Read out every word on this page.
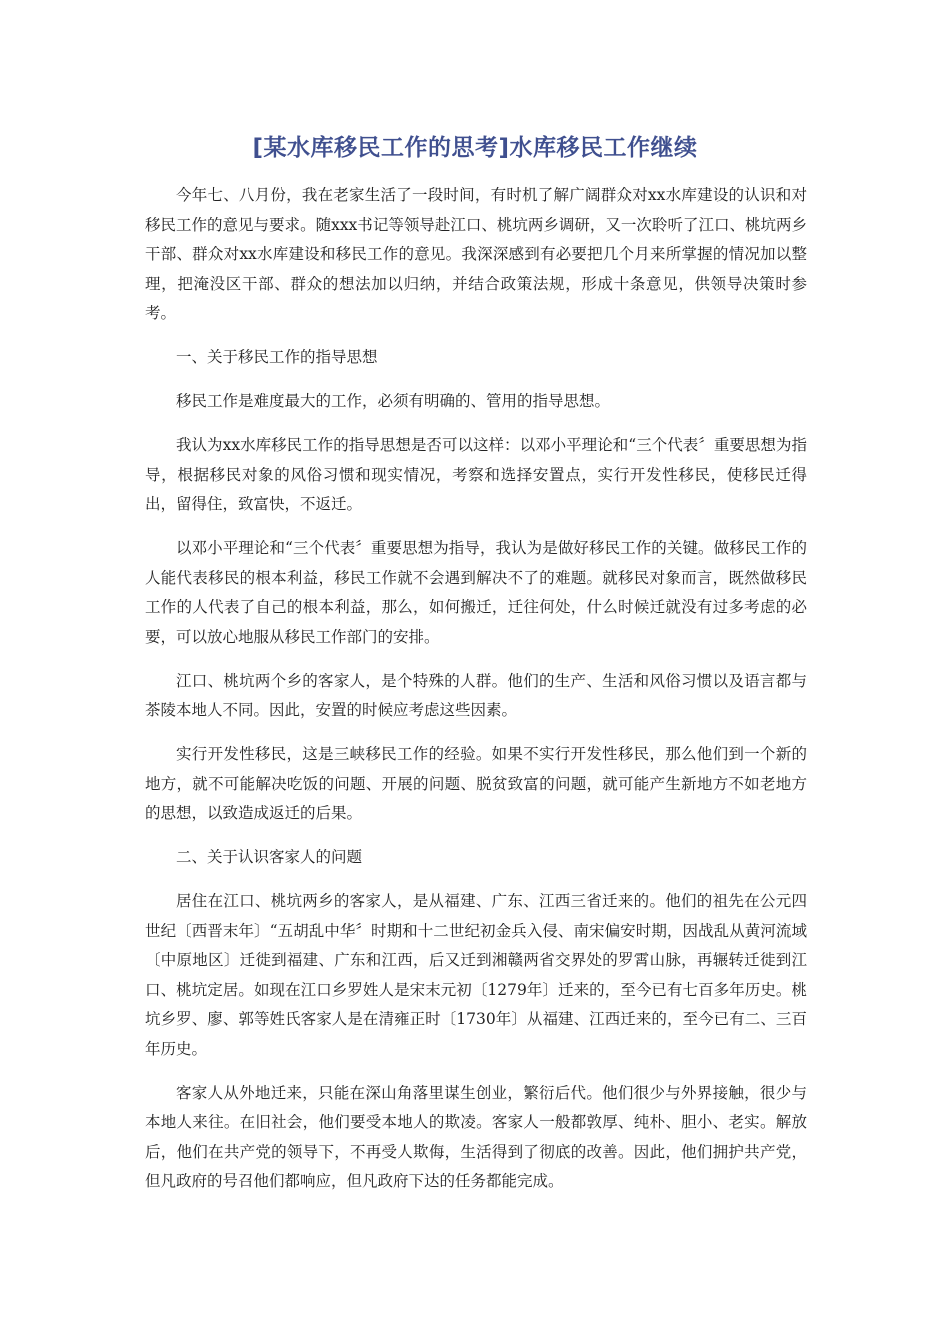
[某水库移民工作的思考]水库移民工作继续

今年七、八月份，我在老家生活了一段时间，有时机了解广阔群众对xx水库建设的认识和对移民工作的意见与要求。随xxx书记等领导赴江口、桃坑两乡调研，又一次聆听了江口、桃坑两乡干部、群众对xx水库建设和移民工作的意见。我深深感到有必要把几个月来所掌握的情况加以整理，把淹没区干部、群众的想法加以归纳，并结合政策法规，形成十条意见，供领导决策时参考。

一、关于移民工作的指导思想

移民工作是难度最大的工作，必须有明确的、管用的指导思想。

我认为xx水库移民工作的指导思想是否可以这样：以邓小平理论和“三个代表〞重要思想为指导，根据移民对象的风俗习惯和现实情况，考察和选择安置点，实行开发性移民，使移民迁得出，留得住，致富快，不返迁。

以邓小平理论和“三个代表〞重要思想为指导，我认为是做好移民工作的关键。做移民工作的人能代表移民的根本利益，移民工作就不会遇到解决不了的难题。就移民对象而言，既然做移民工作的人代表了自己的根本利益，那么，如何搬迁，迁往何处，什么时候迁就没有过多考虑的必要，可以放心地服从移民工作部门的安排。

江口、桃坑两个乡的客家人，是个特殊的人群。他们的生产、生活和风俗习惯以及语言都与茶陵本地人不同。因此，安置的时候应考虑这些因素。

实行开发性移民，这是三峡移民工作的经验。如果不实行开发性移民，那么他们到一个新的地方，就不可能解决吃饭的问题、开展的问题、脱贫致富的问题，就可能产生新地方不如老地方的思想，以致造成返迁的后果。

二、关于认识客家人的问题

居住在江口、桃坑两乡的客家人，是从福建、广东、江西三省迁来的。他们的祖先在公元四世纪〔西晋末年〕“五胡乱中华〞时期和十二世纪初金兵入侵、南宋偏安时期，因战乱从黄河流域〔中原地区〕迁徙到福建、广东和江西，后又迁到湘赣两省交界处的罗霄山脉，再辗转迁徙到江口、桃坑定居。如现在江口乡罗姓人是宋末元初〔1279年〕迁来的，至今已有七百多年历史。桃坑乡罗、廖、郭等姓氏客家人是在清雍正时〔1730年〕从福建、江西迁来的，至今已有二、三百年历史。

客家人从外地迁来，只能在深山角落里谋生创业，繁衍后代。他们很少与外界接触，很少与本地人来往。在旧社会，他们要受本地人的欺凌。客家人一般都敦厚、纯朴、胆小、老实。解放后，他们在共产党的领导下，不再受人欺侮，生活得到了彻底的改善。因此，他们拥护共产党，但凡政府的号召他们都响应，但凡政府下达的任务都能完成。
